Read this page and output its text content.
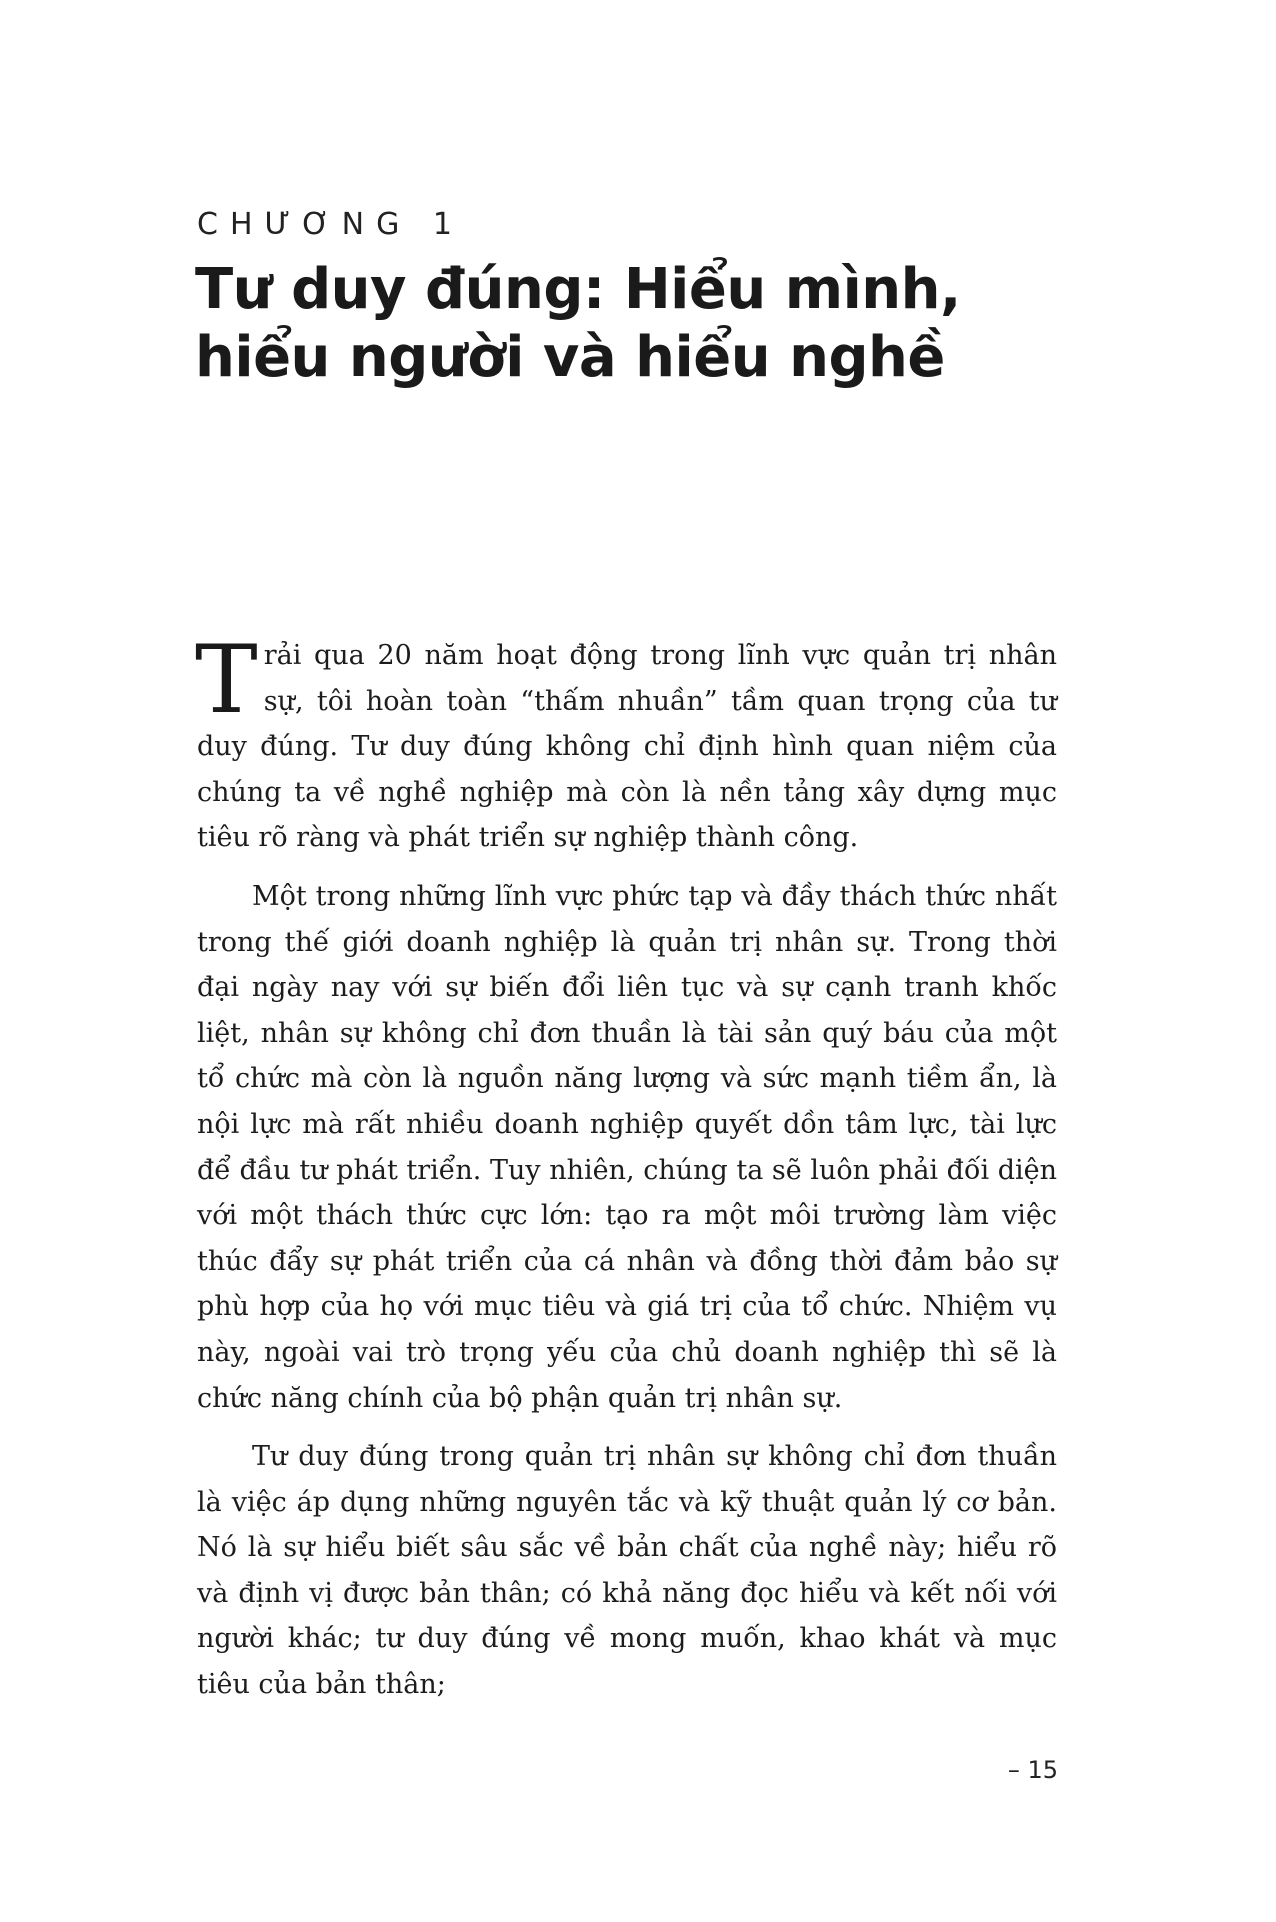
CHƯƠNG 1
Tư duy đúng: Hiểu mình,
hiểu người và hiểu nghề

Trải qua 20 năm hoạt động trong lĩnh vực quản trị nhân sự, tôi hoàn toàn “thấm nhuần” tầm quan trọng của tư duy đúng. Tư duy đúng không chỉ định hình quan niệm của chúng ta về nghề nghiệp mà còn là nền tảng xây dựng mục tiêu rõ ràng và phát triển sự nghiệp thành công.

Một trong những lĩnh vực phức tạp và đầy thách thức nhất trong thế giới doanh nghiệp là quản trị nhân sự. Trong thời đại ngày nay với sự biến đổi liên tục và sự cạnh tranh khốc liệt, nhân sự không chỉ đơn thuần là tài sản quý báu của một tổ chức mà còn là nguồn năng lượng và sức mạnh tiềm ẩn, là nội lực mà rất nhiều doanh nghiệp quyết dồn tâm lực, tài lực để đầu tư phát triển. Tuy nhiên, chúng ta sẽ luôn phải đối diện với một thách thức cực lớn: tạo ra một môi trường làm việc thúc đẩy sự phát triển của cá nhân và đồng thời đảm bảo sự phù hợp của họ với mục tiêu và giá trị của tổ chức. Nhiệm vụ này, ngoài vai trò trọng yếu của chủ doanh nghiệp thì sẽ là chức năng chính của bộ phận quản trị nhân sự.

Tư duy đúng trong quản trị nhân sự không chỉ đơn thuần là việc áp dụng những nguyên tắc và kỹ thuật quản lý cơ bản. Nó là sự hiểu biết sâu sắc về bản chất của nghề này; hiểu rõ và định vị được bản thân; có khả năng đọc hiểu và kết nối với người khác; tư duy đúng về mong muốn, khao khát và mục tiêu của bản thân;

– 15
